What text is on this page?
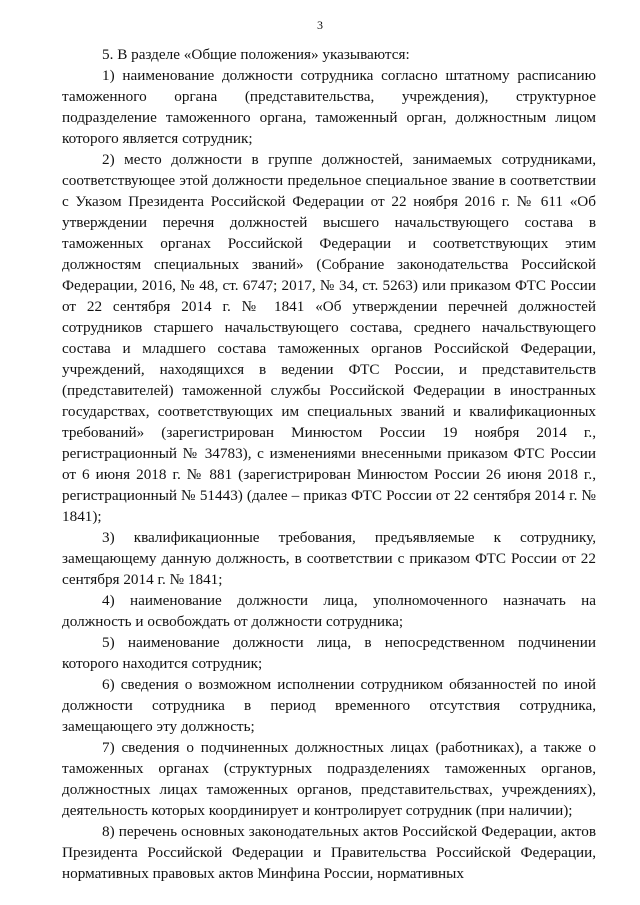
3

5. В разделе «Общие положения» указываются:

1) наименование должности сотрудника согласно штатному расписанию таможенного органа (представительства, учреждения), структурное подразделение таможенного органа, таможенный орган, должностным лицом которого является сотрудник;

2) место должности в группе должностей, занимаемых сотрудниками, соответствующее этой должности предельное специальное звание в соответствии с Указом Президента Российской Федерации от 22 ноября 2016 г. № 611 «Об утверждении перечня должностей высшего начальствующего состава в таможенных органах Российской Федерации и соответствующих этим должностям специальных званий» (Собрание законодательства Российской Федерации, 2016, № 48, ст. 6747; 2017, № 34, ст. 5263) или приказом ФТС России от 22 сентября 2014 г. № 1841 «Об утверждении перечней должностей сотрудников старшего начальствующего состава, среднего начальствующего состава и младшего состава таможенных органов Российской Федерации, учреждений, находящихся в ведении ФТС России, и представительств (представителей) таможенной службы Российской Федерации в иностранных государствах, соответствующих им специальных званий и квалификационных требований» (зарегистрирован Минюстом России 19 ноября 2014 г., регистрационный № 34783), с изменениями внесенными приказом ФТС России от 6 июня 2018 г. № 881 (зарегистрирован Минюстом России 26 июня 2018 г., регистрационный № 51443) (далее – приказ ФТС России от 22 сентября 2014 г. № 1841);

3) квалификационные требования, предъявляемые к сотруднику, замещающему данную должность, в соответствии с приказом ФТС России от 22 сентября 2014 г. № 1841;

4) наименование должности лица, уполномоченного назначать на должность и освобождать от должности сотрудника;

5) наименование должности лица, в непосредственном подчинении которого находится сотрудник;

6) сведения о возможном исполнении сотрудником обязанностей по иной должности сотрудника в период временного отсутствия сотрудника, замещающего эту должность;

7) сведения о подчиненных должностных лицах (работниках), а также о таможенных органах (структурных подразделениях таможенных органов, должностных лицах таможенных органов, представительствах, учреждениях), деятельность которых координирует и контролирует сотрудник (при наличии);

8) перечень основных законодательных актов Российской Федерации, актов Президента Российской Федерации и Правительства Российской Федерации, нормативных правовых актов Минфина России, нормативных
